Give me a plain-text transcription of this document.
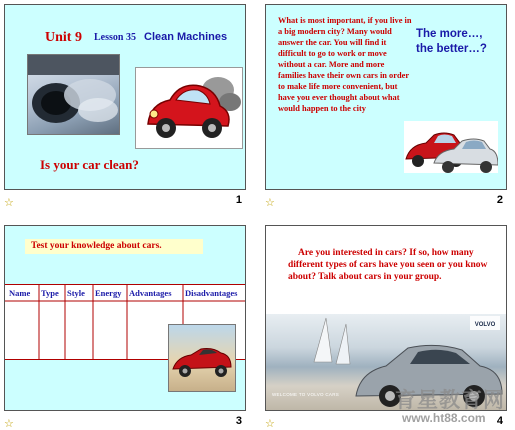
Unit 9 Lesson 35 Clean Machines
Is your car clean?
☆	1
What is most important, if you live in a big modern city? Many would answer the car. You will find it difficult to go to work or move without a car. More and more families have their own cars in order to make life more convenient, but have you ever thought about what would happen to the city
The more…, the better…?
☆	2
Test your knowledge about cars.
Name Type Style Energy Advantages Disadvantages
☆	3
Are you interested in cars? If so, how many different types of cars have you seen or you know about? Talk about cars in your group.
VOLVO
WELCOME TO VOLVO CARS
☆	4
育星教育网
www.ht88.com
